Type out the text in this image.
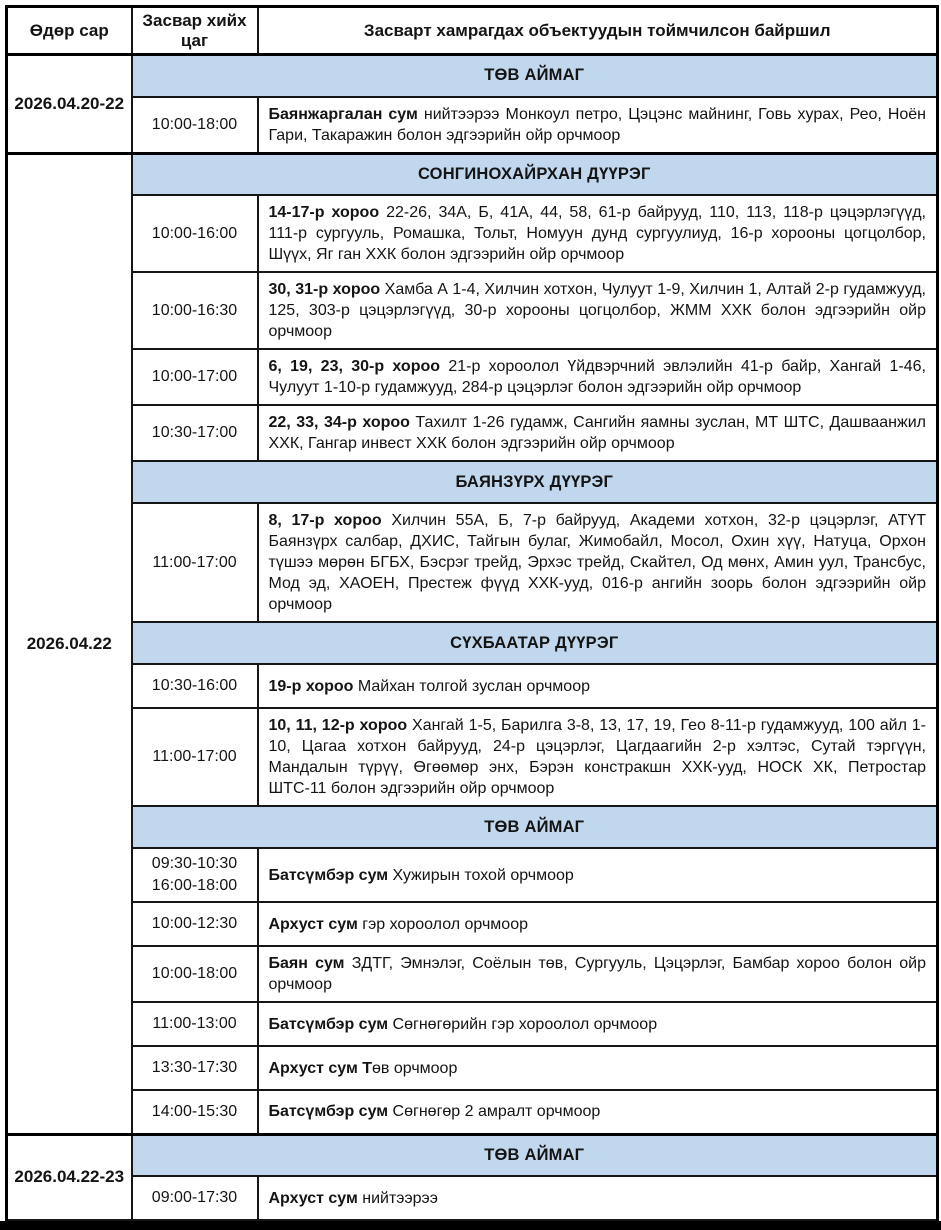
Өдөр сар	Засвар хийх цаг	Засварт хамрагдах объектуудын тоймчилсон байршил
2026.04.20-22	ТӨВ АЙМАГ	
	10:00-18:00	Баянжаргалан сум нийтээрээ Монкоул петро, Цэцэнс майнинг, Говь хурах, Рео, Ноён Гари, Такаражин болон эдгээрийн ойр орчмоор
2026.04.22	СОНГИНОХАЙРХАН ДҮҮРЭГ	
	10:00-16:00	14-17-р хороо 22-26, 34А, Б, 41А, 44, 58, 61-р байрууд, 110, 113, 118-р цэцэрлэгүүд, 111-р сургууль, Ромашка, Тольт, Номуун дунд сургуулиуд, 16-р хорооны цогцолбор, Шүүх, Яг ган ХХК болон эдгээрийн ойр орчмоор
	10:00-16:30	30, 31-р хороо Хамба А 1-4, Хилчин хотхон, Чулуут 1-9, Хилчин 1, Алтай 2-р гудамжууд, 125, 303-р цэцэрлэгүүд, 30-р хорооны цогцолбор, ЖММ ХХК болон эдгээрийн ойр орчмоор
	10:00-17:00	6, 19, 23, 30-р хороо 21-р хороолол Үйдвэрчний эвлэлийн 41-р байр, Хангай 1-46, Чулуут 1-10-р гудамжууд, 284-р цэцэрлэг болон эдгээрийн ойр орчмоор
	10:30-17:00	22, 33, 34-р хороо Тахилт 1-26 гудамж, Сангийн яамны зуслан, МТ ШТС, Дашваанжил ХХК, Гангар инвест ХХК болон эдгээрийн ойр орчмоор
	БАЯНЗҮРХ ДҮҮРЭГ	
	11:00-17:00	8, 17-р хороо Хилчин 55А, Б, 7-р байрууд, Академи хотхон, 32-р цэцэрлэг, АТҮТ Баянзүрх салбар, ДХИС, Тайгын булаг, Жимобайл, Мосол, Охин хүү, Натуца, Орхон түшээ мөрөн БГБХ, Бэсрэг трейд, Эрхэс трейд, Скайтел, Од мөнх, Амин уул, Трансбус, Мод эд, ХАОЕН, Престеж фүүд ХХК-ууд, 016-р ангийн зоорь болон эдгээрийн ойр орчмоор
	СҮХБААТАР ДҮҮРЭГ	
	10:30-16:00	19-р хороо Майхан толгой зуслан орчмоор
	11:00-17:00	10, 11, 12-р хороо Хангай 1-5, Барилга 3-8, 13, 17, 19, Гео 8-11-р гудамжууд, 100 айл 1-10, Цагаа хотхон байрууд, 24-р цэцэрлэг, Цагдаагийн 2-р хэлтэс, Сутай тэргүүн, Мандалын түрүү, Өгөөмөр энх, Бэрэн констракшн ХХК-ууд, НОСК ХК, Петростар ШТС-11 болон эдгээрийн ойр орчмоор
	ТӨВ АЙМАГ	

	09:30-10:30
16:00-18:00	Батсүмбэр сум Хужирын тохой орчмоор
	10:00-12:30	Архуст сум гэр хороолол орчмоор
	10:00-18:00	Баян сум ЗДТГ, Эмнэлэг, Соёлын төв, Сургууль, Цэцэрлэг, Бамбар хороо болон ойр орчмоор
	11:00-13:00	Батсүмбэр сум Сөгнөгөрийн гэр хороолол орчмоор
	13:30-17:30	Архуст сум Төв орчмоор
	14:00-15:30	Батсүмбэр сум Сөгнөгөр 2 амралт орчмоор
2026.04.22-23	ТӨВ АЙМАГ	
	09:00-17:30	Архуст сум нийтээрээ
